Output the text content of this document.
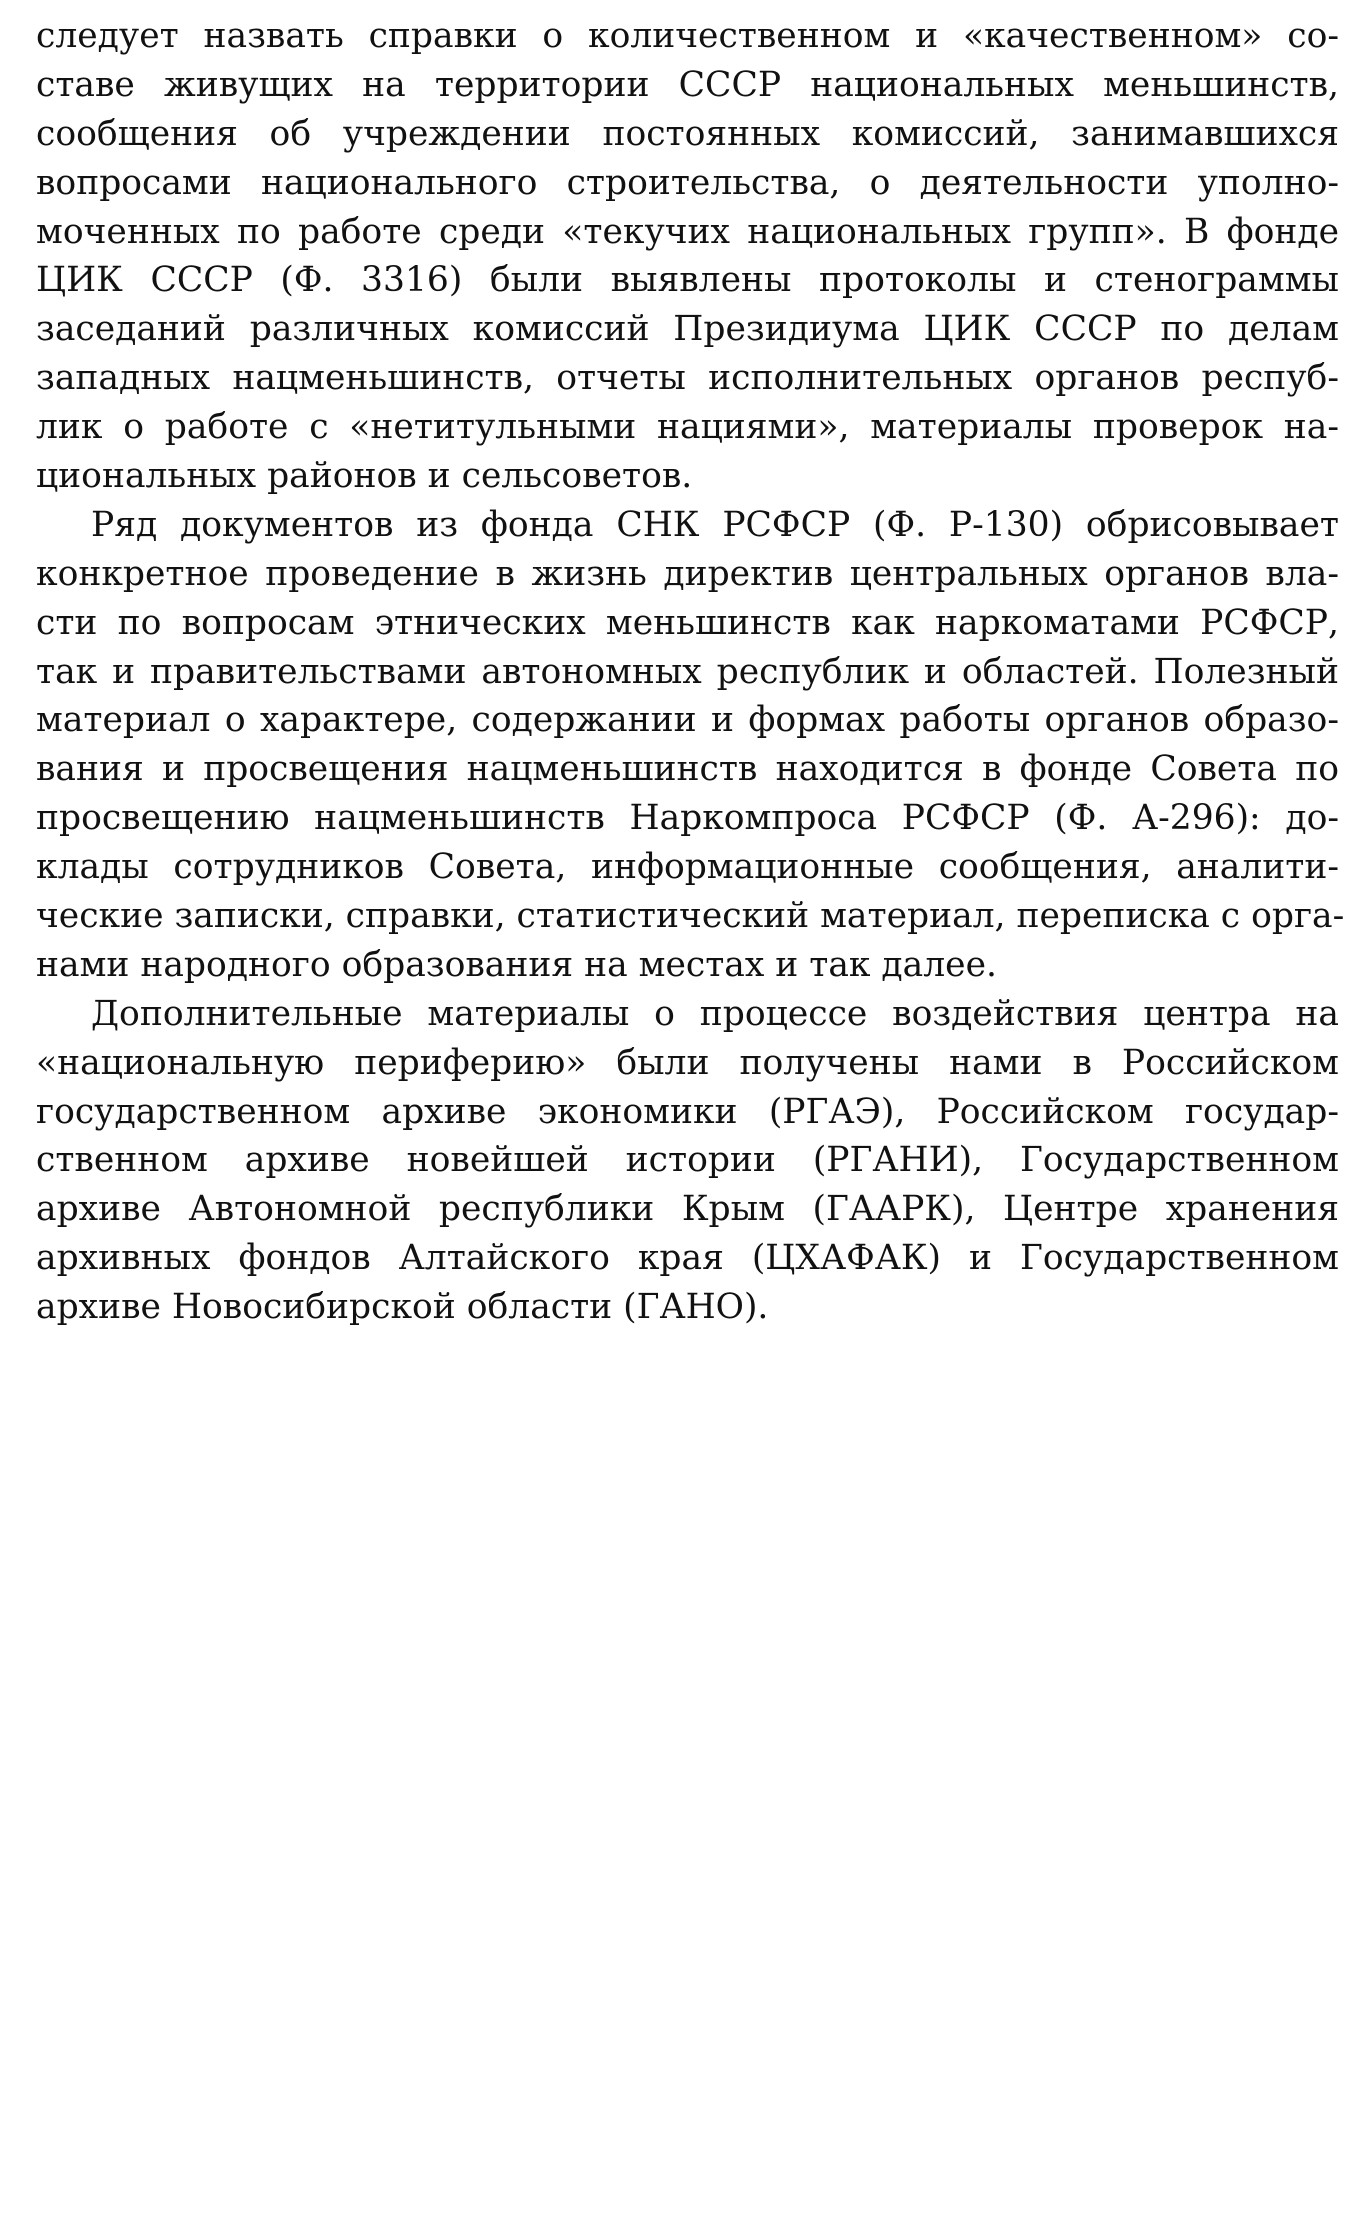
следует назвать справки о количественном и «качественном» со-
ставе живущих на территории СССР национальных меньшинств,
сообщения об учреждении постоянных комиссий, занимавшихся
вопросами национального строительства, о деятельности уполно-
моченных по работе среди «текучих национальных групп». В фонде
ЦИК СССР (Ф. 3316) были выявлены протоколы и стенограммы
заседаний различных комиссий Президиума ЦИК СССР по делам
западных нацменьшинств, отчеты исполнительных органов респуб-
лик о работе с «нетитульными нациями», материалы проверок на-
циональных районов и сельсоветов.
Ряд документов из фонда СНК РСФСР (Ф. Р-130) обрисовывает
конкретное проведение в жизнь директив центральных органов вла-
сти по вопросам этнических меньшинств как наркоматами РСФСР,
так и правительствами автономных республик и областей. Полезный
материал о характере, содержании и формах работы органов образо-
вания и просвещения нацменьшинств находится в фонде Совета по
просвещению нацменьшинств Наркомпроса РСФСР (Ф. А-296): до-
клады сотрудников Совета, информационные сообщения, аналити-
ческие записки, справки, статистический материал, переписка с орга-
нами народного образования на местах и так далее.
Дополнительные материалы о процессе воздействия центра на
«национальную периферию» были получены нами в Российском
государственном архиве экономики (РГАЭ), Российском государ-
ственном архиве новейшей истории (РГАНИ), Государственном
архиве Автономной республики Крым (ГААРК), Центре хранения
архивных фондов Алтайского края (ЦХАФАК) и Государственном
архиве Новосибирской области (ГАНО).
